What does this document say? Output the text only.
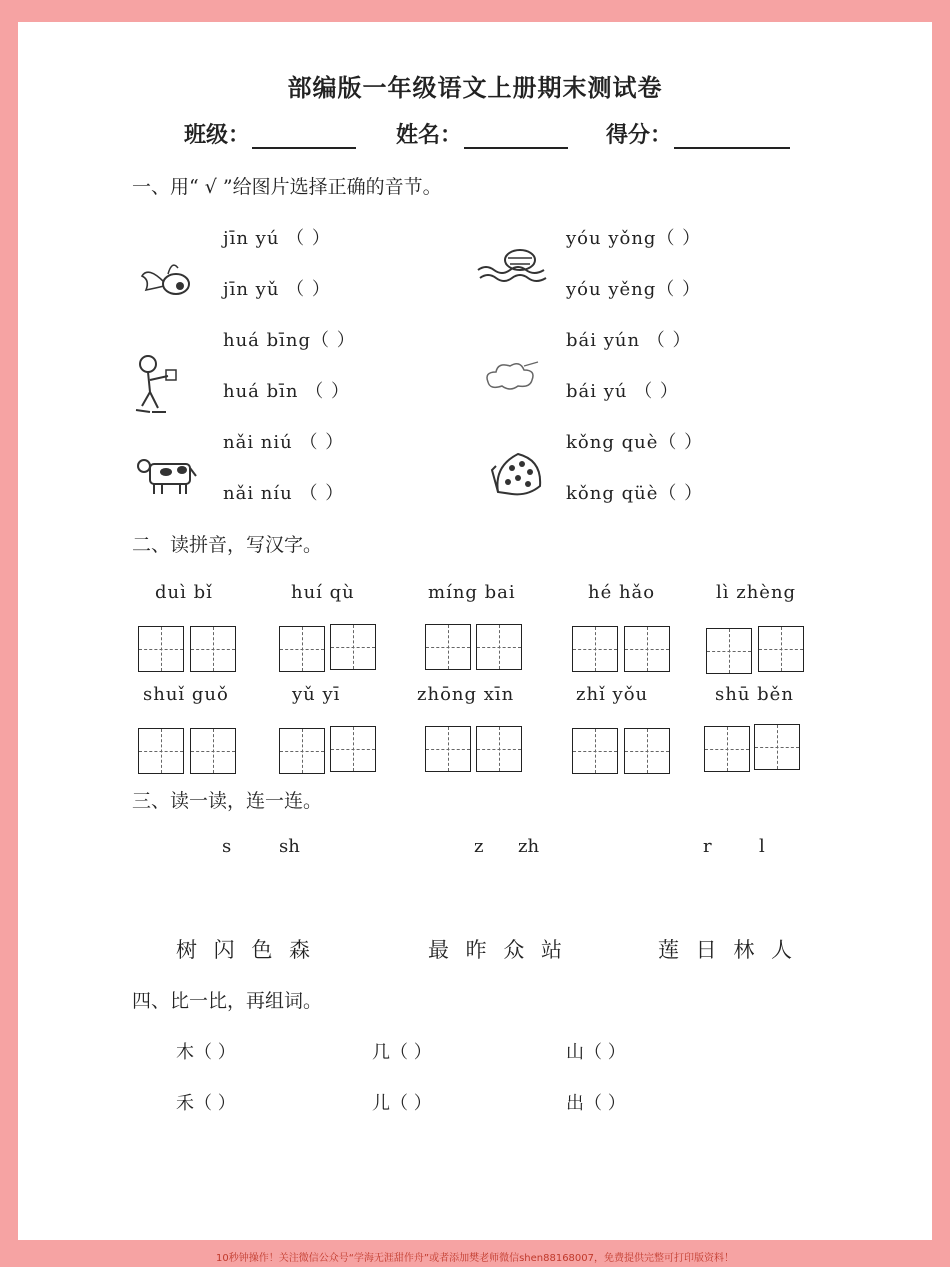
部编版一年级语文上册期末测试卷
班级：	姓名：	得分：
一、用“ √ ”给图片选择正确的音节。
jīn yú （ ）
jīn yǔ （ ）
yóu yǒng（ ）
yóu yěng（ ）
huá bīng（ ）
huá bīn （ ）
bái yún （ ）
bái yú （ ）
nǎi niú （ ）
nǎi níu （ ）
kǒng què（ ）
kǒng qüè（ ）
二、读拼音，写汉字。
duì bǐ	huí qù	míng bai	hé hǎo	lì zhèng
shuǐ guǒ	yǔ yī	zhōng xīn	zhǐ yǒu	shū běn
三、读一读，连一连。
s	sh	z zh	r	l
树 闪 色 森	最 昨 众 站	莲 日 林 人
四、比一比，再组词。
木（ ）	几（ ）	山（ ）
禾（ ）	儿（ ）	出（ ）
10秒钟操作！关注微信公众号“学海无涯甜作舟”或者添加樊老师微信shen88168007，免费提供完整可打印版资料！
